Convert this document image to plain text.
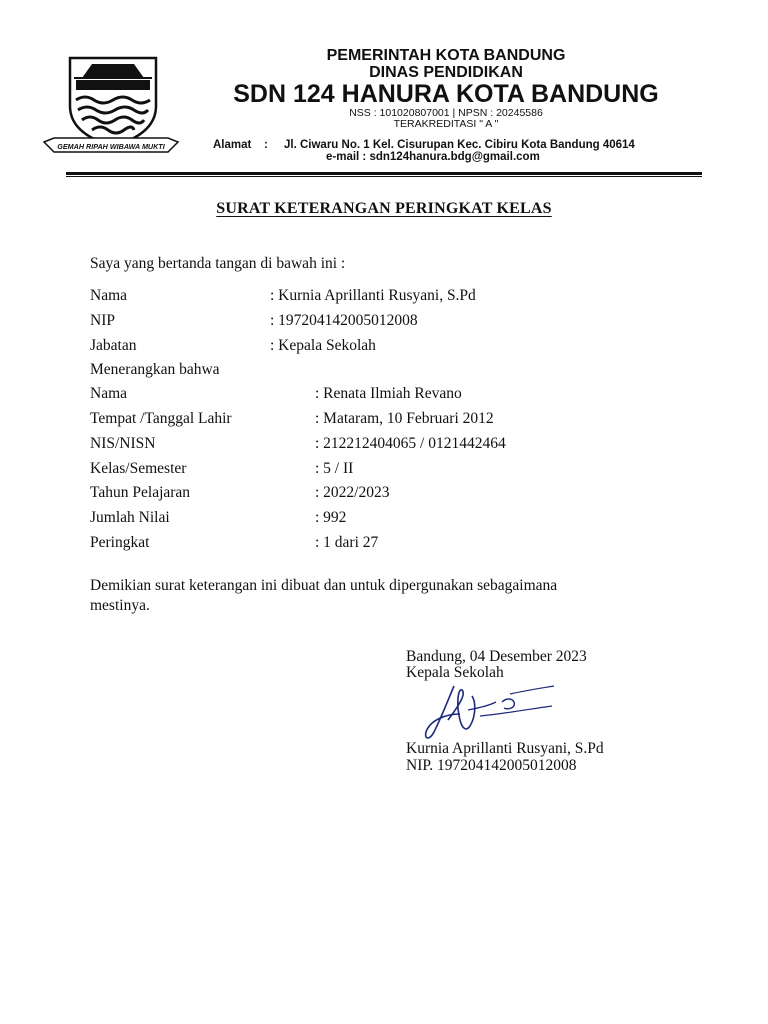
GEMAH RIPAH WIBAWA MUKTI
PEMERINTAH KOTA BANDUNG
DINAS PENDIDIKAN
SDN 124 HANURA KOTA BANDUNG
NSS : 101020807001 | NPSN : 20245586
TERAKREDITASI " A "
Alamat : Jl. Ciwaru No. 1 Kel. Cisurupan Kec. Cibiru Kota Bandung 40614
e-mail : sdn124hanura.bdg@gmail.com
SURAT KETERANGAN PERINGKAT KELAS
Saya yang bertanda tangan di bawah ini :
Nama	: Kurnia Aprillanti Rusyani, S.Pd
NIP	: 197204142005012008
Jabatan	: Kepala Sekolah
Menerangkan bahwa
Nama	: Renata Ilmiah Revano
Tempat /Tanggal Lahir	: Mataram, 10 Februari 2012
NIS/NISN	: 212212404065 / 0121442464
Kelas/Semester	: 5 / II
Tahun Pelajaran	: 2022/2023
Jumlah Nilai	: 992
Peringkat	: 1 dari 27
Demikian surat keterangan ini dibuat dan untuk dipergunakan sebagaimana
mestinya.
Bandung, 04 Desember 2023
Kepala Sekolah
Kurnia Aprillanti Rusyani, S.Pd
NIP. 197204142005012008
